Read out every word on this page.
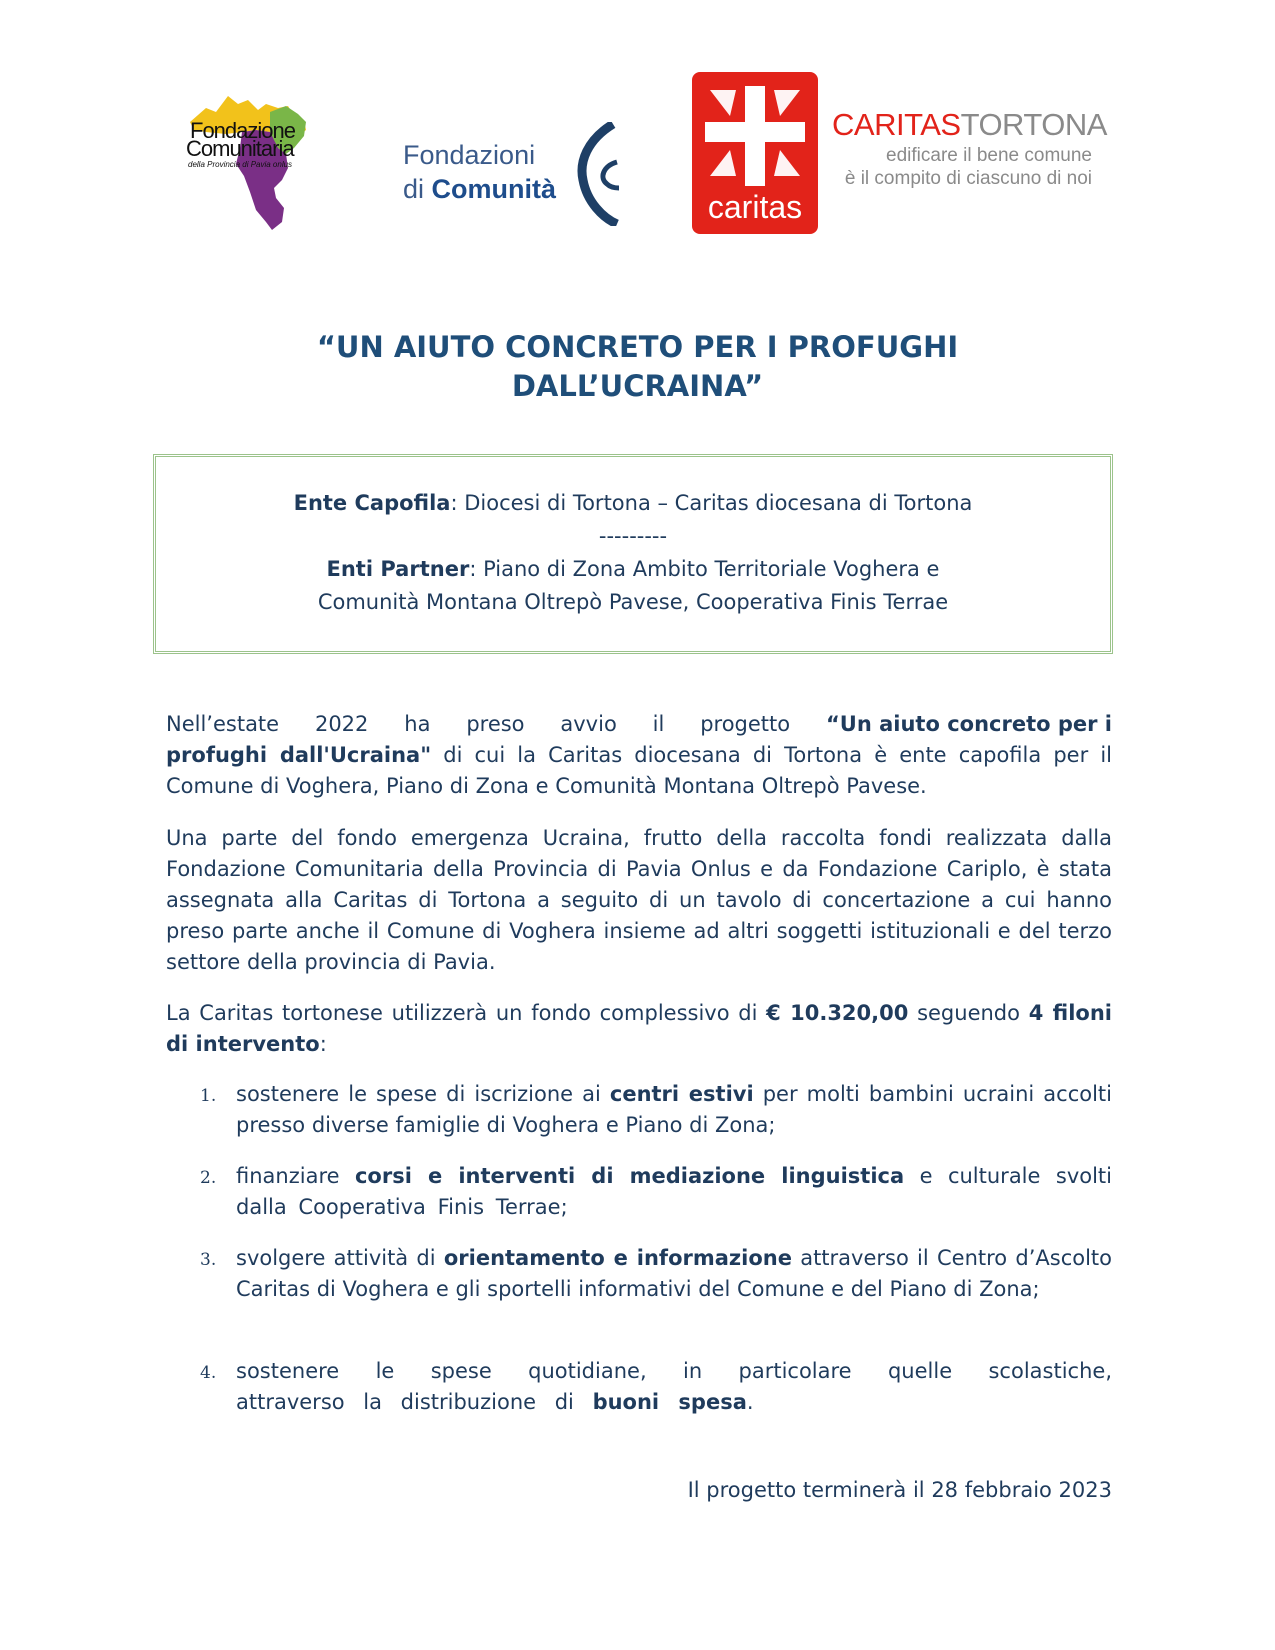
Fondazione
Comunitaria
della Provincia di Pavia onlus	Fondazioni
di Comunità	caritas
CARITASTORTONA
edificare il bene comune
è il compito di ciascuno di noi
“UN AIUTO CONCRETO PER I PROFUGHI
DALL’UCRAINA”
Ente Capofila: Diocesi di Tortona – Caritas diocesana di Tortona
---------
Enti Partner: Piano di Zona Ambito Territoriale Voghera e
Comunità Montana Oltrepò Pavese, Cooperativa Finis Terrae
Nell’estate 2022 ha preso avvio il progetto “Un aiuto concreto per i
profughi dall'Ucraina" di cui la Caritas diocesana di Tortona è ente capofila per il Comune di Voghera, Piano di Zona e Comunità Montana Oltrepò Pavese.
Una parte del fondo emergenza Ucraina, frutto della raccolta fondi realizzata dalla Fondazione Comunitaria della Provincia di Pavia Onlus e da Fondazione Cariplo, è stata assegnata alla Caritas di Tortona a seguito di un tavolo di concertazione a cui hanno preso parte anche il Comune di Voghera insieme ad altri soggetti istituzionali e del terzo settore della provincia di Pavia.
La Caritas tortonese utilizzerà un fondo complessivo di € 10.320,00 seguendo 4 filoni di intervento:
1. sostenere le spese di iscrizione ai centri estivi per molti bambini ucraini accolti presso diverse famiglie di Voghera e Piano di Zona;
2. finanziare corsi e interventi di mediazione linguistica e culturale svolti dalla Cooperativa Finis Terrae;
3. svolgere attività di orientamento e informazione attraverso il Centro d’Ascolto Caritas di Voghera e gli sportelli informativi del Comune e del Piano di Zona;
4. sostenere le spese quotidiane, in particolare quelle scolastiche, attraverso la distribuzione di buoni spesa.
Il progetto terminerà il 28 febbraio 2023
